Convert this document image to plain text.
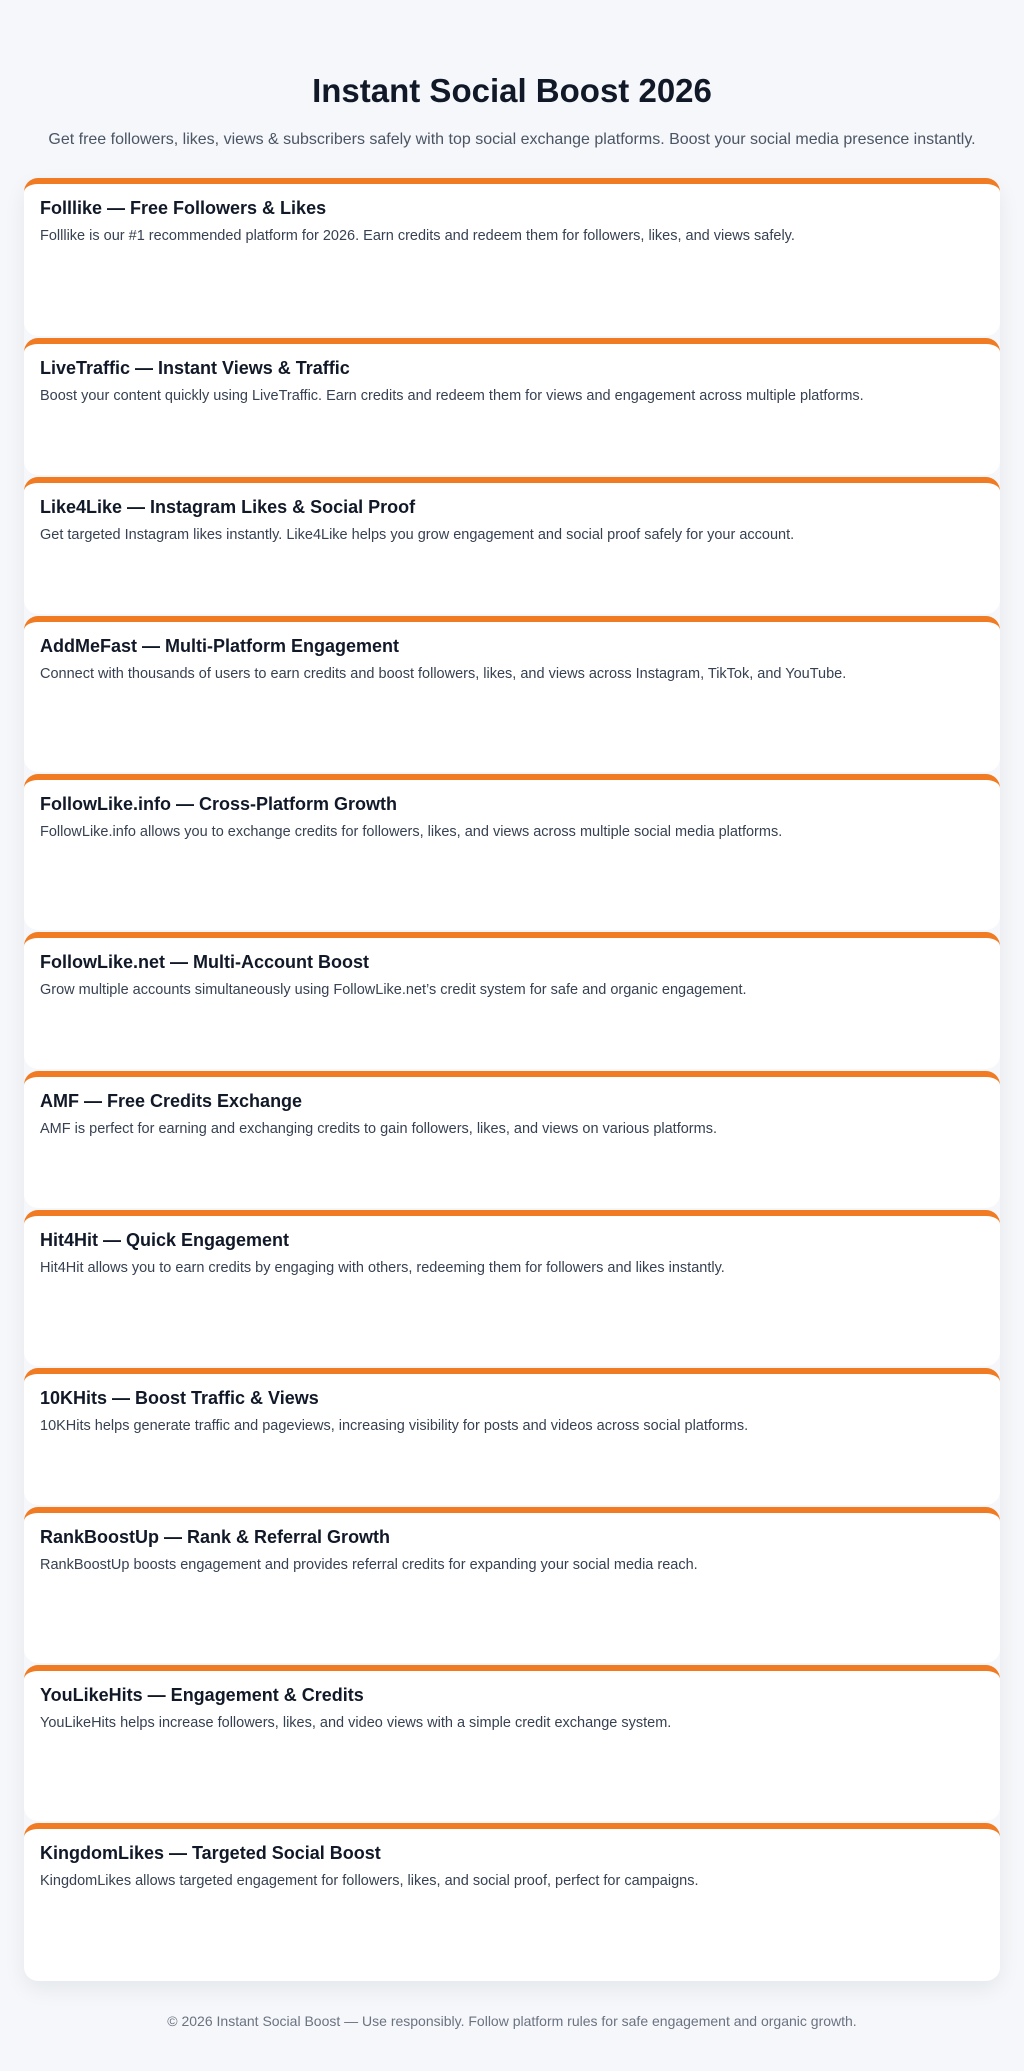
Instant Social Boost 2026

Get free followers, likes, views & subscribers safely with top social exchange platforms. Boost your social media presence instantly.

Folllike — Free Followers & Likes

Folllike is our #1 recommended platform for 2026. Earn credits and redeem them for followers, likes, and views safely.

LiveTraffic — Instant Views & Traffic

Boost your content quickly using LiveTraffic. Earn credits and redeem them for views and engagement across multiple platforms.

Like4Like — Instagram Likes & Social Proof

Get targeted Instagram likes instantly. Like4Like helps you grow engagement and social proof safely for your account.

AddMeFast — Multi-Platform Engagement

Connect with thousands of users to earn credits and boost followers, likes, and views across Instagram, TikTok, and YouTube.

FollowLike.info — Cross-Platform Growth

FollowLike.info allows you to exchange credits for followers, likes, and views across multiple social media platforms.

FollowLike.net — Multi-Account Boost

Grow multiple accounts simultaneously using FollowLike.net’s credit system for safe and organic engagement.

AMF — Free Credits Exchange

AMF is perfect for earning and exchanging credits to gain followers, likes, and views on various platforms.

Hit4Hit — Quick Engagement

Hit4Hit allows you to earn credits by engaging with others, redeeming them for followers and likes instantly.

10KHits — Boost Traffic & Views

10KHits helps generate traffic and pageviews, increasing visibility for posts and videos across social platforms.

RankBoostUp — Rank & Referral Growth

RankBoostUp boosts engagement and provides referral credits for expanding your social media reach.

YouLikeHits — Engagement & Credits

YouLikeHits helps increase followers, likes, and video views with a simple credit exchange system.

KingdomLikes — Targeted Social Boost

KingdomLikes allows targeted engagement for followers, likes, and social proof, perfect for campaigns.

© 2026 Instant Social Boost — Use responsibly. Follow platform rules for safe engagement and organic growth.
